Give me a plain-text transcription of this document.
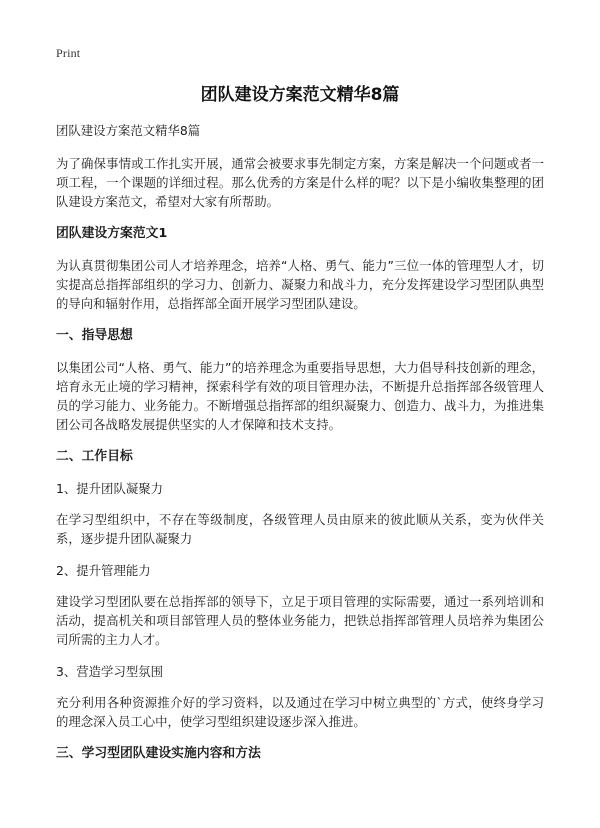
Print
团队建设方案范文精华8篇

团队建设方案范文精华8篇

为了确保事情或工作扎实开展，通常会被要求事先制定方案，方案是解决一个问题或者一项工程，一个课题的详细过程。那么优秀的方案是什么样的呢？以下是小编收集整理的团队建设方案范文，希望对大家有所帮助。

团队建设方案范文1

为认真贯彻集团公司人才培养理念，培养“人格、勇气、能力”三位一体的管理型人才，切实提高总指挥部组织的学习力、创新力、凝聚力和战斗力，充分发挥建设学习型团队典型的导向和辐射作用，总指挥部全面开展学习型团队建设。

一、指导思想

以集团公司“人格、勇气、能力”的培养理念为重要指导思想，大力倡导科技创新的理念，培育永无止境的学习精神，探索科学有效的项目管理办法，不断提升总指挥部各级管理人员的学习能力、业务能力。不断增强总指挥部的组织凝聚力、创造力、战斗力，为推进集团公司各战略发展提供坚实的人才保障和技术支持。

二、工作目标

1、提升团队凝聚力

在学习型组织中，不存在等级制度，各级管理人员由原来的彼此顺从关系，变为伙伴关系，逐步提升团队凝聚力

2、提升管理能力

建设学习型团队要在总指挥部的领导下，立足于项目管理的实际需要，通过一系列培训和活动，提高机关和项目部管理人员的整体业务能力，把铁总指挥部管理人员培养为集团公司所需的主力人才。

3、营造学习型氛围

充分利用各种资源推介好的学习资料，以及通过在学习中树立典型的`方式，使终身学习的理念深入员工心中，使学习型组织建设逐步深入推进。

三、学习型团队建设实施内容和方法
